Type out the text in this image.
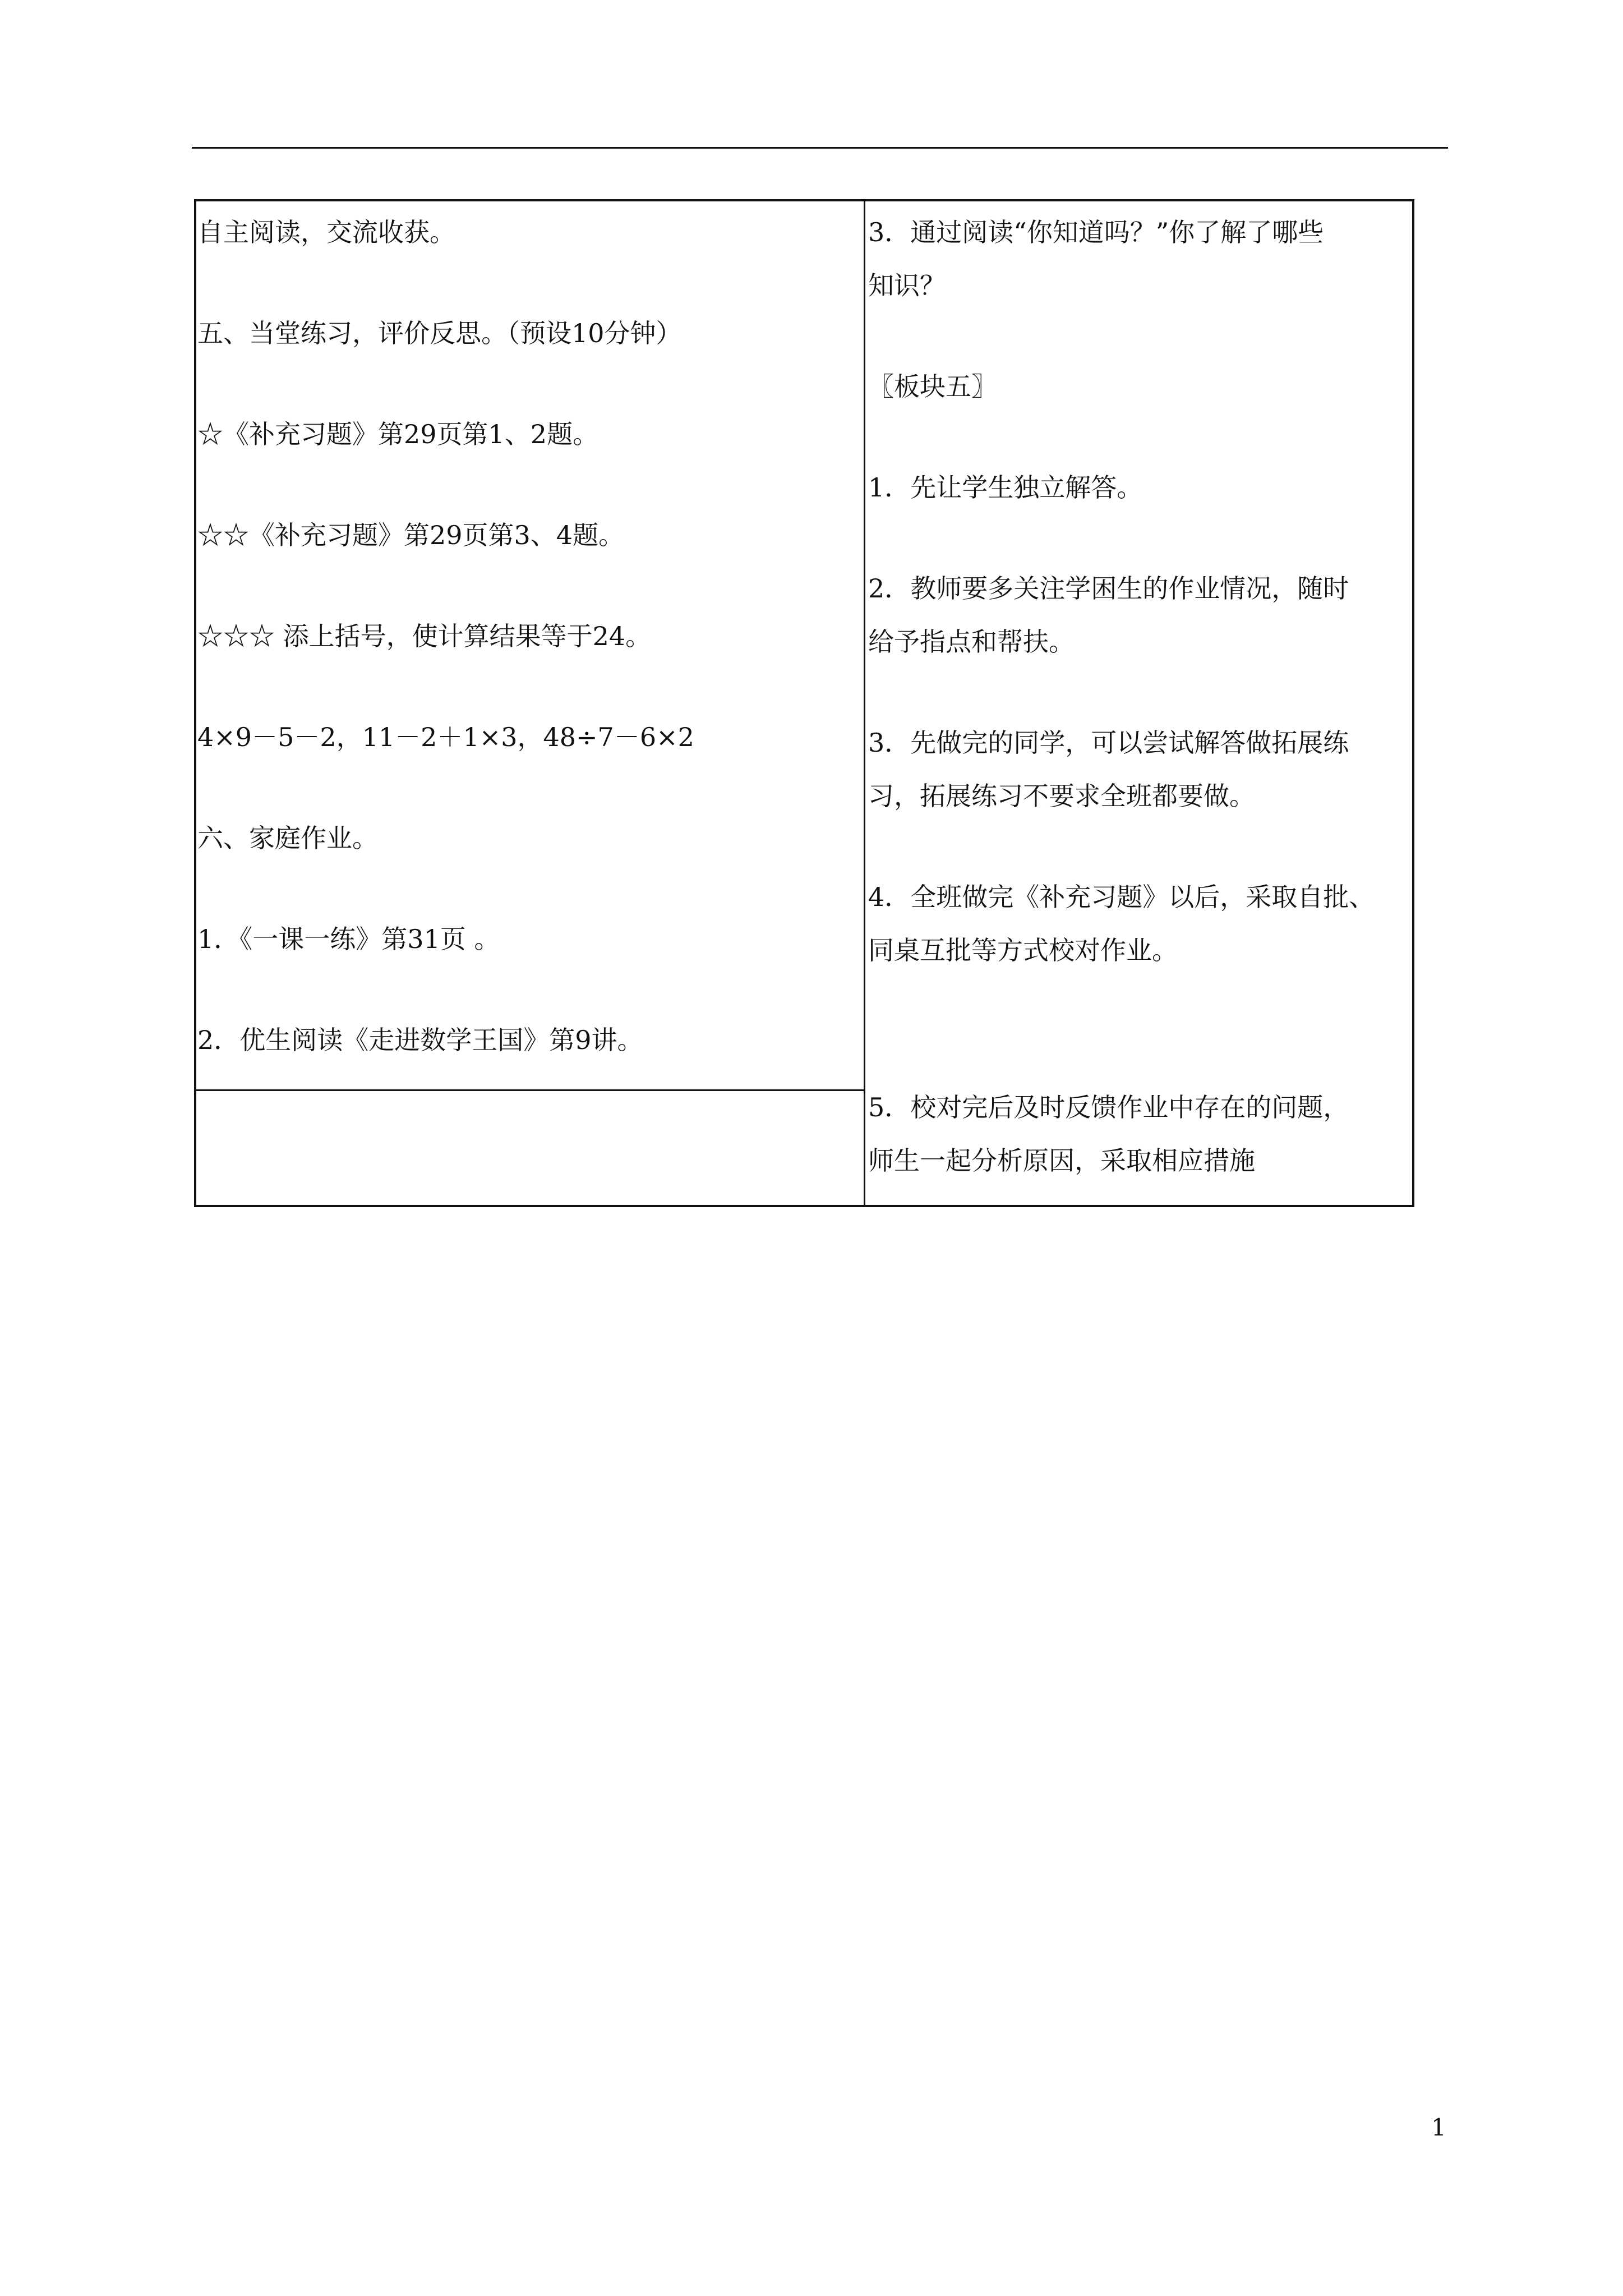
自主阅读，交流收获。
五、当堂练习，评价反思。（预设10分钟）
☆《补充习题》第29页第1、2题。
☆☆《补充习题》第29页第3、4题。
☆☆☆ 添上括号，使计算结果等于24。
4×9－5－2，11－2＋1×3，48÷7－6×2
六、家庭作业。
1．《一课一练》第31页 。
2．优生阅读《走进数学王国》第9讲。
3．通过阅读“你知道吗？”你了解了哪些
知识？
〖板块五〗
1．先让学生独立解答。
2．教师要多关注学困生的作业情况，随时
给予指点和帮扶。
3．先做完的同学，可以尝试解答做拓展练
习，拓展练习不要求全班都要做。
4．全班做完《补充习题》以后，采取自批、
同桌互批等方式校对作业。
5．校对完后及时反馈作业中存在的问题，
师生一起分析原因，采取相应措施
1
